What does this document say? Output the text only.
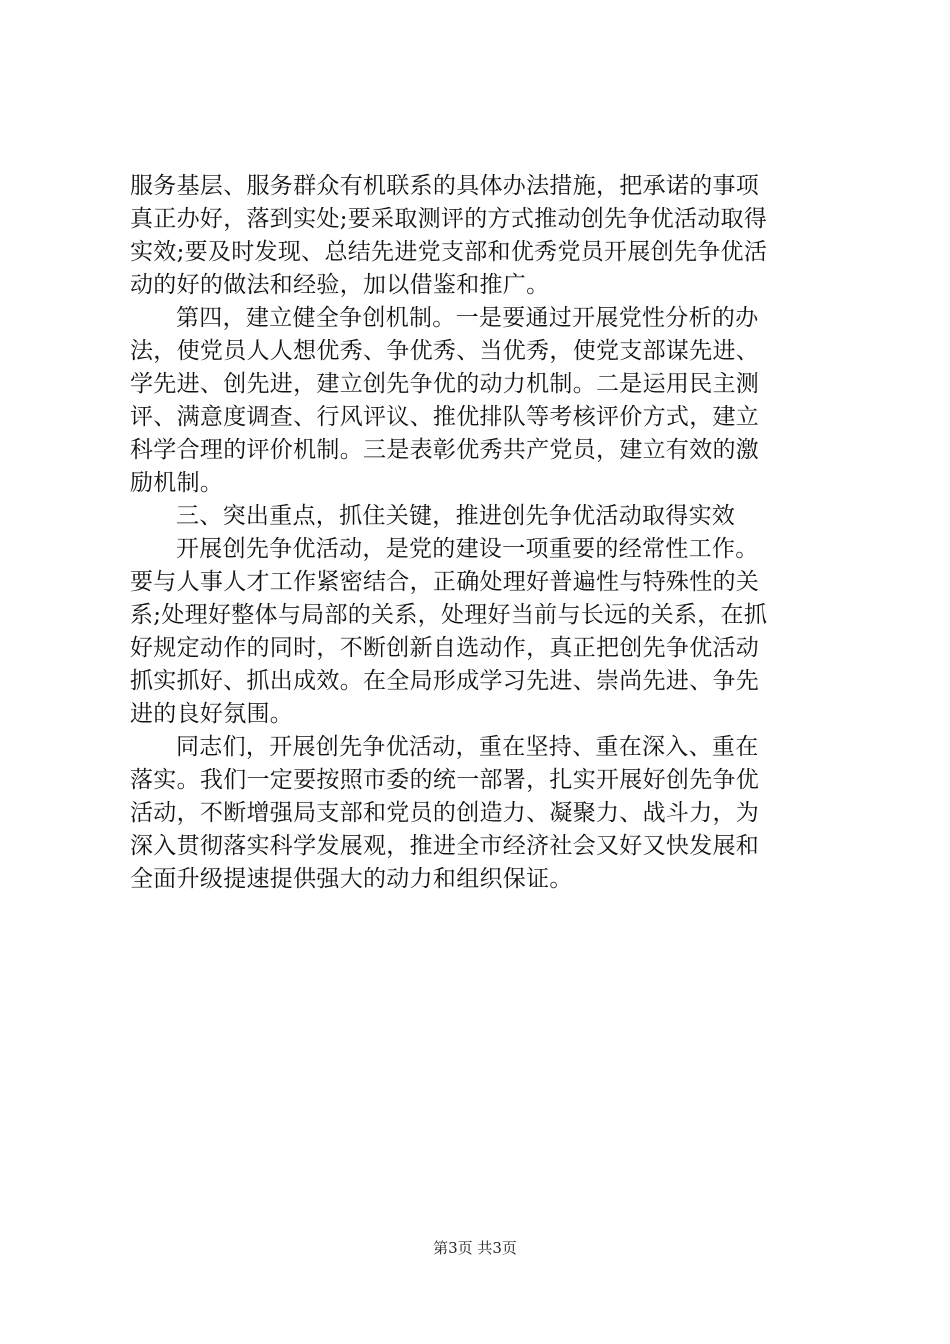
服务基层、服务群众有机联系的具体办法措施，把承诺的事项
真正办好，落到实处;要采取测评的方式推动创先争优活动取得
实效;要及时发现、总结先进党支部和优秀党员开展创先争优活
动的好的做法和经验，加以借鉴和推广。
第四，建立健全争创机制。一是要通过开展党性分析的办
法，使党员人人想优秀、争优秀、当优秀，使党支部谋先进、
学先进、创先进，建立创先争优的动力机制。二是运用民主测
评、满意度调查、行风评议、推优排队等考核评价方式，建立
科学合理的评价机制。三是表彰优秀共产党员，建立有效的激
励机制。
三、突出重点，抓住关键，推进创先争优活动取得实效
开展创先争优活动，是党的建设一项重要的经常性工作。
要与人事人才工作紧密结合，正确处理好普遍性与特殊性的关
系;处理好整体与局部的关系，处理好当前与长远的关系，在抓
好规定动作的同时，不断创新自选动作，真正把创先争优活动
抓实抓好、抓出成效。在全局形成学习先进、崇尚先进、争先
进的良好氛围。
同志们，开展创先争优活动，重在坚持、重在深入、重在
落实。我们一定要按照市委的统一部署，扎实开展好创先争优
活动，不断增强局支部和党员的创造力、凝聚力、战斗力，为
深入贯彻落实科学发展观，推进全市经济社会又好又快发展和
全面升级提速提供强大的动力和组织保证。
第3页 共3页
